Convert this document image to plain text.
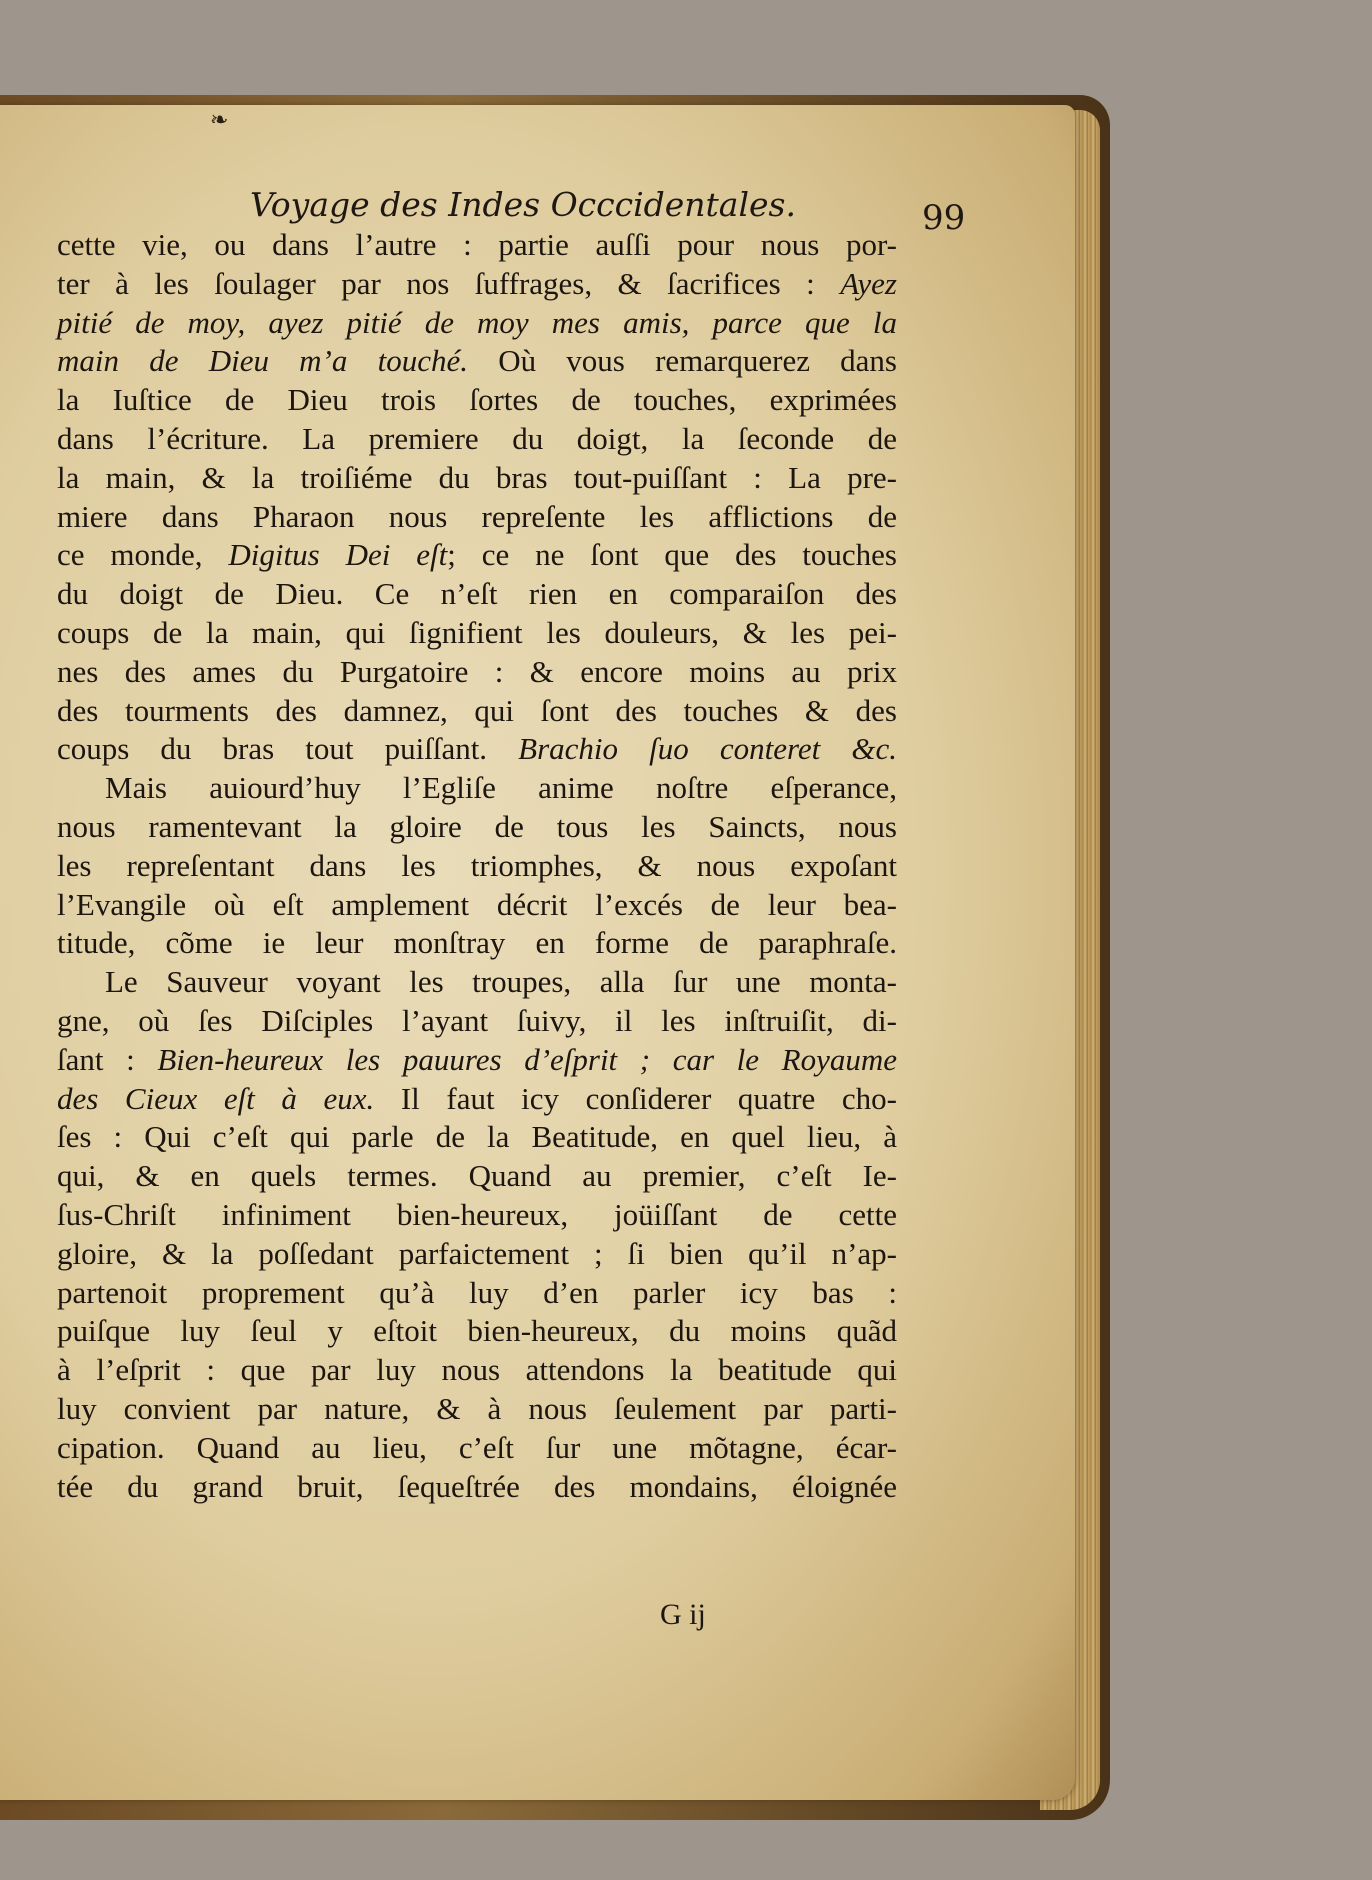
❧
Voyage des Indes Occcidentales.	99
cette vie, ou dans l’autre : partie auſſi pour nous por-
ter à les ſoulager par nos ſuffrages, & ſacrifices : Ayez
pitié de moy, ayez pitié de moy mes amis, parce que la
main de Dieu m’a touché. Où vous remarquerez dans
la Iuſtice de Dieu trois ſortes de touches, exprimées
dans l’écriture. La premiere du doigt, la ſeconde de
la main, & la troiſiéme du bras tout-puiſſant : La pre-
miere dans Pharaon nous repreſente les afflictions de
ce monde, Digitus Dei eſt; ce ne ſont que des touches
du doigt de Dieu. Ce n’eſt rien en comparaiſon des
coups de la main, qui ſignifient les douleurs, & les pei-
nes des ames du Purgatoire : & encore moins au prix
des tourments des damnez, qui ſont des touches & des
coups du bras tout puiſſant. Brachio ſuo conteret &c.
Mais auiourd’huy l’Egliſe anime noſtre eſperance,
nous ramentevant la gloire de tous les Saincts, nous
les repreſentant dans les triomphes, & nous expoſant
l’Evangile où eſt amplement décrit l’excés de leur bea-
titude, cõme ie leur monſtray en forme de paraphraſe.
Le Sauveur voyant les troupes, alla ſur une monta-
gne, où ſes Diſciples l’ayant ſuivy, il les inſtruiſit, di-
ſant : Bien-heureux les pauures d’eſprit ; car le Royaume
des Cieux eſt à eux. Il faut icy conſiderer quatre cho-
ſes : Qui c’eſt qui parle de la Beatitude, en quel lieu, à
qui, & en quels termes. Quand au premier, c’eſt Ie-
ſus-Chriſt infiniment bien-heureux, joüiſſant de cette
gloire, & la poſſedant parfaictement ; ſi bien qu’il n’ap-
partenoit proprement qu’à luy d’en parler icy bas :
puiſque luy ſeul y eſtoit bien-heureux, du moins quãd
à l’eſprit : que par luy nous attendons la beatitude qui
luy convient par nature, & à nous ſeulement par parti-
cipation. Quand au lieu, c’eſt ſur une mõtagne, écar-
tée du grand bruit, ſequeſtrée des mondains, éloignée
G ij
